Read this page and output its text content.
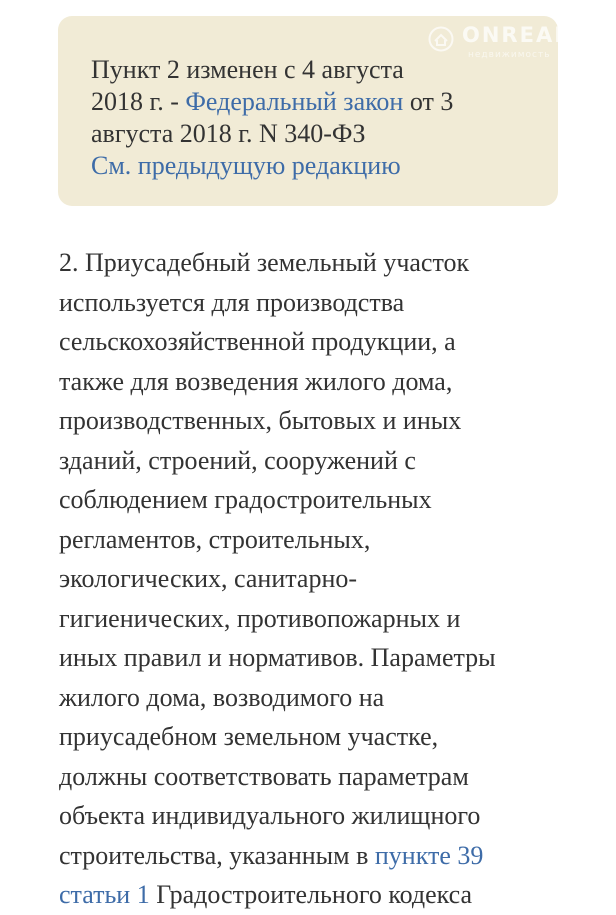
Пункт 2 изменен с 4 августа
2018 г. - Федеральный закон от 3
августа 2018 г. N 340-ФЗ
См. предыдущую редакцию
ONREALT
недвижимость
2. Приусадебный земельный участок
используется для производства
сельскохозяйственной продукции, а
также для возведения жилого дома,
производственных, бытовых и иных
зданий, строений, сооружений с
соблюдением градостроительных
регламентов, строительных,
экологических, санитарно-
гигиенических, противопожарных и
иных правил и нормативов. Параметры
жилого дома, возводимого на
приусадебном земельном участке,
должны соответствовать параметрам
объекта индивидуального жилищного
строительства, указанным в пункте 39
статьи 1 Градостроительного кодекса
